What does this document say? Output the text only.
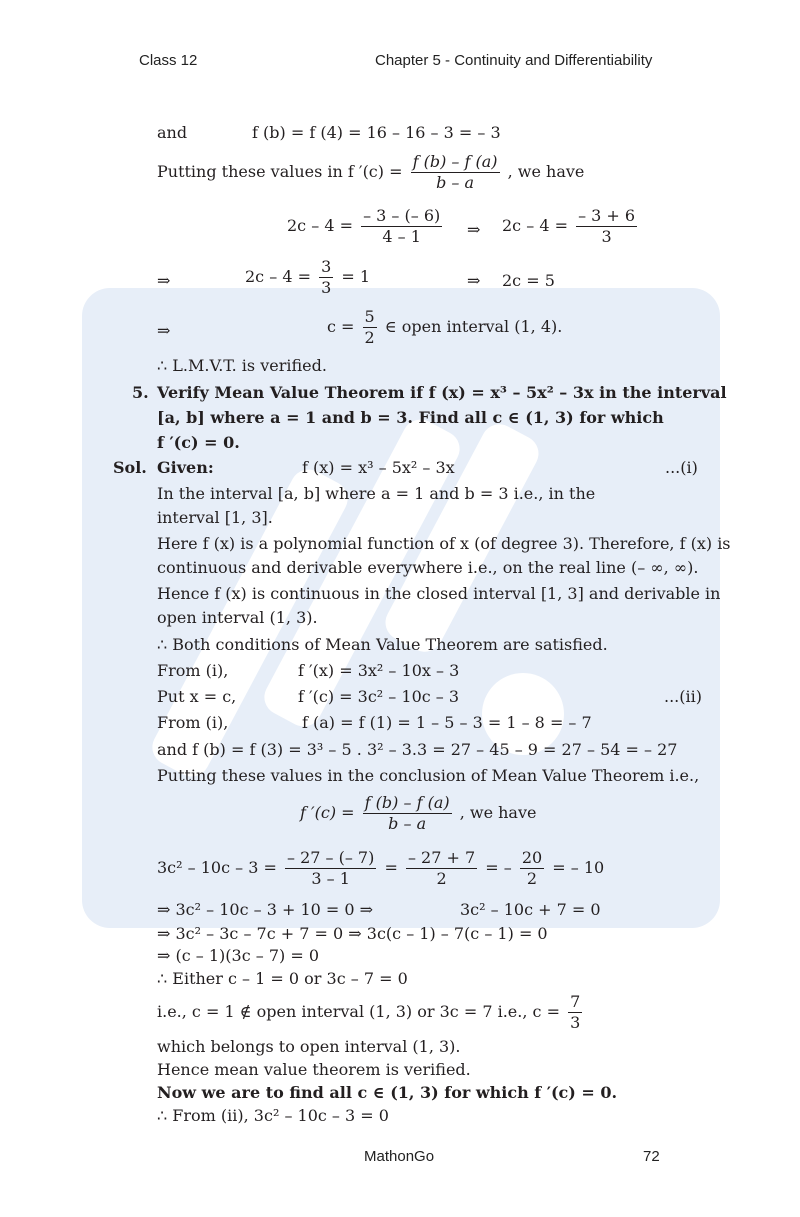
Class 12	Chapter 5 - Continuity and Differentiability
and	f (b) = f (4) = 16 – 16 – 3 = – 3
Putting these values in f $'(c) = \frac{f (b) - f (a)}{b - a}$ , we have
$2c - 4 = \frac{- 3 - (- 6)}{4 - 1}$ ⇒ $2c - 4 = \frac{- 3 + 6}{3}$
⇒	$2c - 4 = \frac{3}{3} = 1$	⇒ 2c = 5
⇒	$c = \frac{5}{2}$ ∈ open interval (1, 4).
∴ L.M.V.T. is verified.
5. Verify Mean Value Theorem if f (x) = x³ – 5x² – 3x in the interval
[a, b] where a = 1 and b = 3. Find all c ∈ (1, 3) for which
f ′(c) = 0.
Sol. Given:	f (x) = x³ – 5x² – 3x	...(i)
In the interval [a, b] where a = 1 and b = 3 i.e., in the
interval [1, 3].
Here f (x) is a polynomial function of x (of degree 3). Therefore, f (x) is
continuous and derivable everywhere i.e., on the real line (– ∞, ∞).
Hence f (x) is continuous in the closed interval [1, 3] and derivable in
open interval (1, 3).
∴ Both conditions of Mean Value Theorem are satisfied.
From (i),	f ′(x) = 3x² – 10x – 3
Put x = c,	f ′(c) = 3c² – 10c – 3	...(ii)
From (i),	f (a) = f (1) = 1 – 5 – 3 = 1 – 8 = – 7
and f (b) = f (3) = 3³ – 5 . 3² – 3.3 = 27 – 45 – 9 = 27 – 54 = – 27
Putting these values in the conclusion of Mean Value Theorem i.e.,
f $'(c) = \frac{f (b) - f (a)}{b - a}$ , we have
$3c^2 - 10c - 3 = \frac{- 27 - (- 7)}{3 - 1} = \frac{- 27 + 7}{2}$ = – $\frac{20}{2}$ = – 10
⇒ 3c² – 10c – 3 + 10 = 0 ⇒	3c² – 10c + 7 = 0
⇒ 3c² – 3c – 7c + 7 = 0 ⇒ 3c(c – 1) – 7(c – 1) = 0
⇒ (c – 1)(3c – 7) = 0
∴ Either c – 1 = 0 or 3c – 7 = 0
i.e., c = 1 ∉ open interval (1, 3) or 3c = 7 i.e., $c = \frac{7}{3}$
which belongs to open interval (1, 3).
Hence mean value theorem is verified.
Now we are to find all c ∈ (1, 3) for which f ′(c) = 0.
∴ From (ii), 3c² – 10c – 3 = 0
MathonGo	72
